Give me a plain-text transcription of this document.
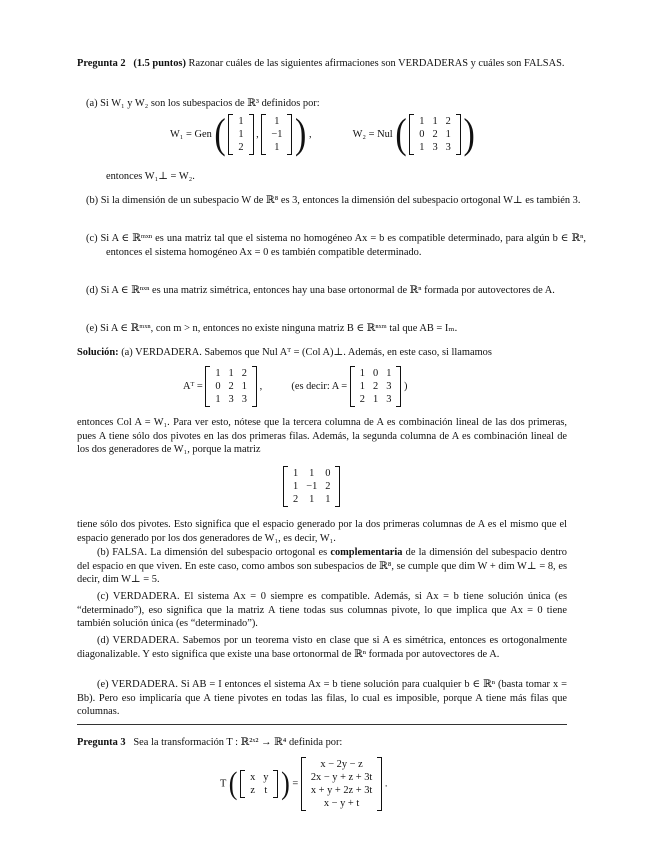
Pregunta 2 (1.5 puntos) Razonar cuáles de las siguientes afirmaciones son VERDADERAS y cuáles son FALSAS.
(a) Si W₁ y W₂ son los subespacios de ℝ³ definidos por:
W₁ = Gen ( 1
1
2
,
1
−1
1 ) ,	W₂ = Nul ( 1	1	2
0	2	1
1	3	3 )
entonces W₁⊥ = W₂.
(b) Si la dimensión de un subespacio W de ℝ⁸ es 3, entonces la dimensión del subespacio ortogonal W⊥ es también 3.
(c) Si A ∈ ℝᵐˣⁿ es una matriz tal que el sistema no homogéneo Ax = b es compatible determinado, para algún b ∈ ℝⁿ, entonces el sistema homogéneo Ax = 0 es también compatible determinado.
(d) Si A ∈ ℝⁿˣⁿ es una matriz simétrica, entonces hay una base ortonormal de ℝⁿ formada por autovectores de A.
(e) Si A ∈ ℝᵐˣⁿ, con m > n, entonces no existe ninguna matriz B ∈ ℝⁿˣᵐ tal que AB = Iₘ.
Solución: (a) VERDADERA. Sabemos que Nul Aᵀ = (Col A)⊥. Además, en este caso, si llamamos
Aᵀ =
1	1	2
0	2	1
1	3	3
,	(es decir: A =
1	0	1
1	2	3
2	1	3
)
entonces Col A = W₁. Para ver esto, nótese que la tercera columna de A es combinación lineal de las dos primeras, pues A tiene sólo dos pivotes en las dos primeras filas. Además, la segunda columna de A es combinación lineal de los dos generadores de W₁, porque la matriz
1	1	0
1	−1	2
2	1	1
tiene sólo dos pivotes. Esto significa que el espacio generado por la dos primeras columnas de A es el mismo que el espacio generado por los dos generadores de W₁, es decir, W₁.
(b) FALSA. La dimensión del subespacio ortogonal es complementaria de la dimensión del subespacio dentro del espacio en que viven. En este caso, como ambos son subespacios de ℝ⁸, se cumple que dim W + dim W⊥ = 8, es decir, dim W⊥ = 5.
(c) VERDADERA. El sistema Ax = 0 siempre es compatible. Además, si Ax = b tiene solución única (es “determinado”), eso significa que la matriz A tiene todas sus columnas pivote, lo que implica que Ax = 0 tiene también solución única (es “determinado”).
(d) VERDADERA. Sabemos por un teorema visto en clase que si A es simétrica, entonces es ortogonalmente diagonalizable. Y esto significa que existe una base ortonormal de ℝⁿ formada por autovectores de A.
(e) VERDADERA. Si AB = I entonces el sistema Ax = b tiene solución para cualquier b ∈ ℝⁿ (basta tomar x = Bb). Pero eso implicaría que A tiene pivotes en todas las filas, lo cual es imposible, porque A tiene más filas que columnas.
Pregunta 3 Sea la transformación T : ℝ²ˣ² → ℝ⁴ definida por:
T ( x	y
z	t ) =
x − 2y − z
2x − y + z + 3t
x + y + 2z + 3t
x − y + t
.
